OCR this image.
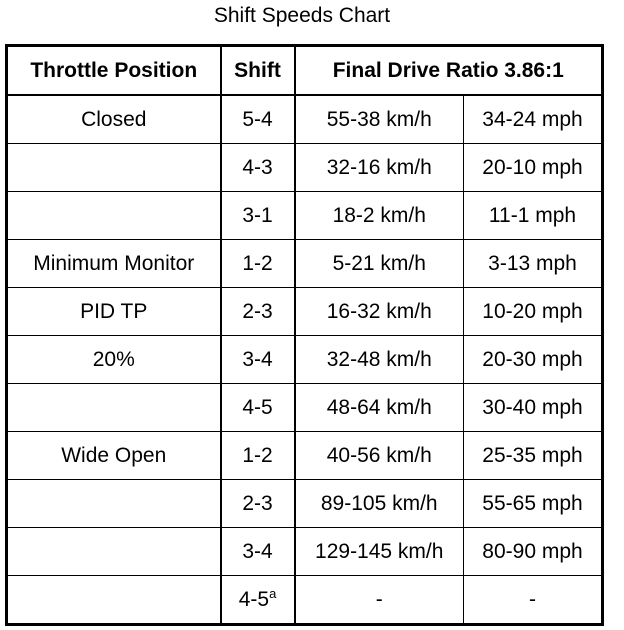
Shift Speeds Chart
Throttle Position	Shift	Final Drive Ratio 3.86:1	
Closed	5-4	55-38 km/h	34-24 mph
	4-3	32-16 km/h	20-10 mph
	3-1	18-2 km/h	11-1 mph
Minimum Monitor	1-2	5-21 km/h	3-13 mph
PID TP	2-3	16-32 km/h	10-20 mph
20%	3-4	32-48 km/h	20-30 mph
	4-5	48-64 km/h	30-40 mph
Wide Open	1-2	40-56 km/h	25-35 mph
	2-3	89-105 km/h	55-65 mph
	3-4	129-145 km/h	80-90 mph
	4-5$^a$	-	-
